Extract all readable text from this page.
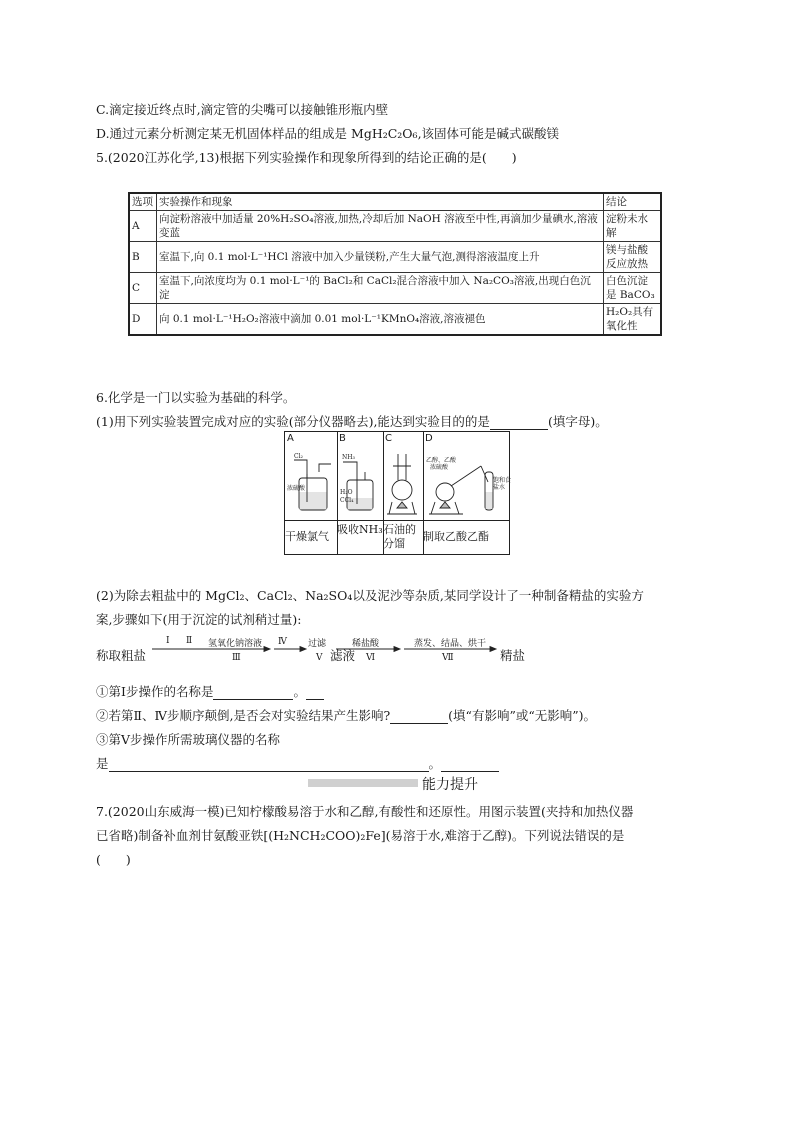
C.滴定接近终点时,滴定管的尖嘴可以接触锥形瓶内壁
D.通过元素分析测定某无机固体样品的组成是 MgH₂C₂O₆,该固体可能是碱式碳酸镁
5.(2020江苏化学,13)根据下列实验操作和现象所得到的结论正确的是(　　)
选项	实验操作和现象	结论
A	向淀粉溶液中加适量 20%H₂SO₄溶液,加热,冷却后加 NaOH 溶液至中性,再滴加少量碘水,溶液变蓝	淀粉未水解
B	室温下,向 0.1 mol·L⁻¹HCl 溶液中加入少量镁粉,产生大量气泡,测得溶液温度上升	镁与盐酸反应放热
C	室温下,向浓度均为 0.1 mol·L⁻¹的 BaCl₂和 CaCl₂混合溶液中加入 Na₂CO₃溶液,出现白色沉淀	白色沉淀是 BaCO₃
D	向 0.1 mol·L⁻¹H₂O₂溶液中滴加 0.01 mol·L⁻¹KMnO₄溶液,溶液褪色	H₂O₂具有氧化性
6.化学是一门以实验为基础的科学。
(1)用下列实验装置完成对应的实验(部分仪器略去),能达到实验目的的是	(填字母)。
A	B	C	D
Cl₂
浓硫酸
NH₃
H₂O
CCl₄
乙醇、乙酸
浓硫酸
饱和食
盐水
干燥氯气
吸收NH₃ 石油的分馏
制取乙酸乙酯
(2)为除去粗盐中的 MgCl₂、CaCl₂、Na₂SO₄以及泥沙等杂质,某同学设计了一种制备精盐的实验方
案,步骤如下(用于沉淀的试剂稍过量):
称取粗盐
Ⅰ Ⅱ 氢氧化钠溶液
Ⅲ
Ⅳ 过滤
Ⅴ 滤液
稀盐酸
Ⅵ
蒸发、结晶、烘干
Ⅶ	精盐
①第Ⅰ步操作的名称是	。
②若第Ⅱ、Ⅳ步顺序颠倒,是否会对实验结果产生影响?	(填“有影响”或“无影响”)。
③第Ⅴ步操作所需玻璃仪器的名称
是	。
能力提升
7.(2020山东威海一模)已知柠檬酸易溶于水和乙醇,有酸性和还原性。用图示装置(夹持和加热仪器
已省略)制备补血剂甘氨酸亚铁[(H₂NCH₂COO)₂Fe](易溶于水,难溶于乙醇)。下列说法错误的是
(　　)
